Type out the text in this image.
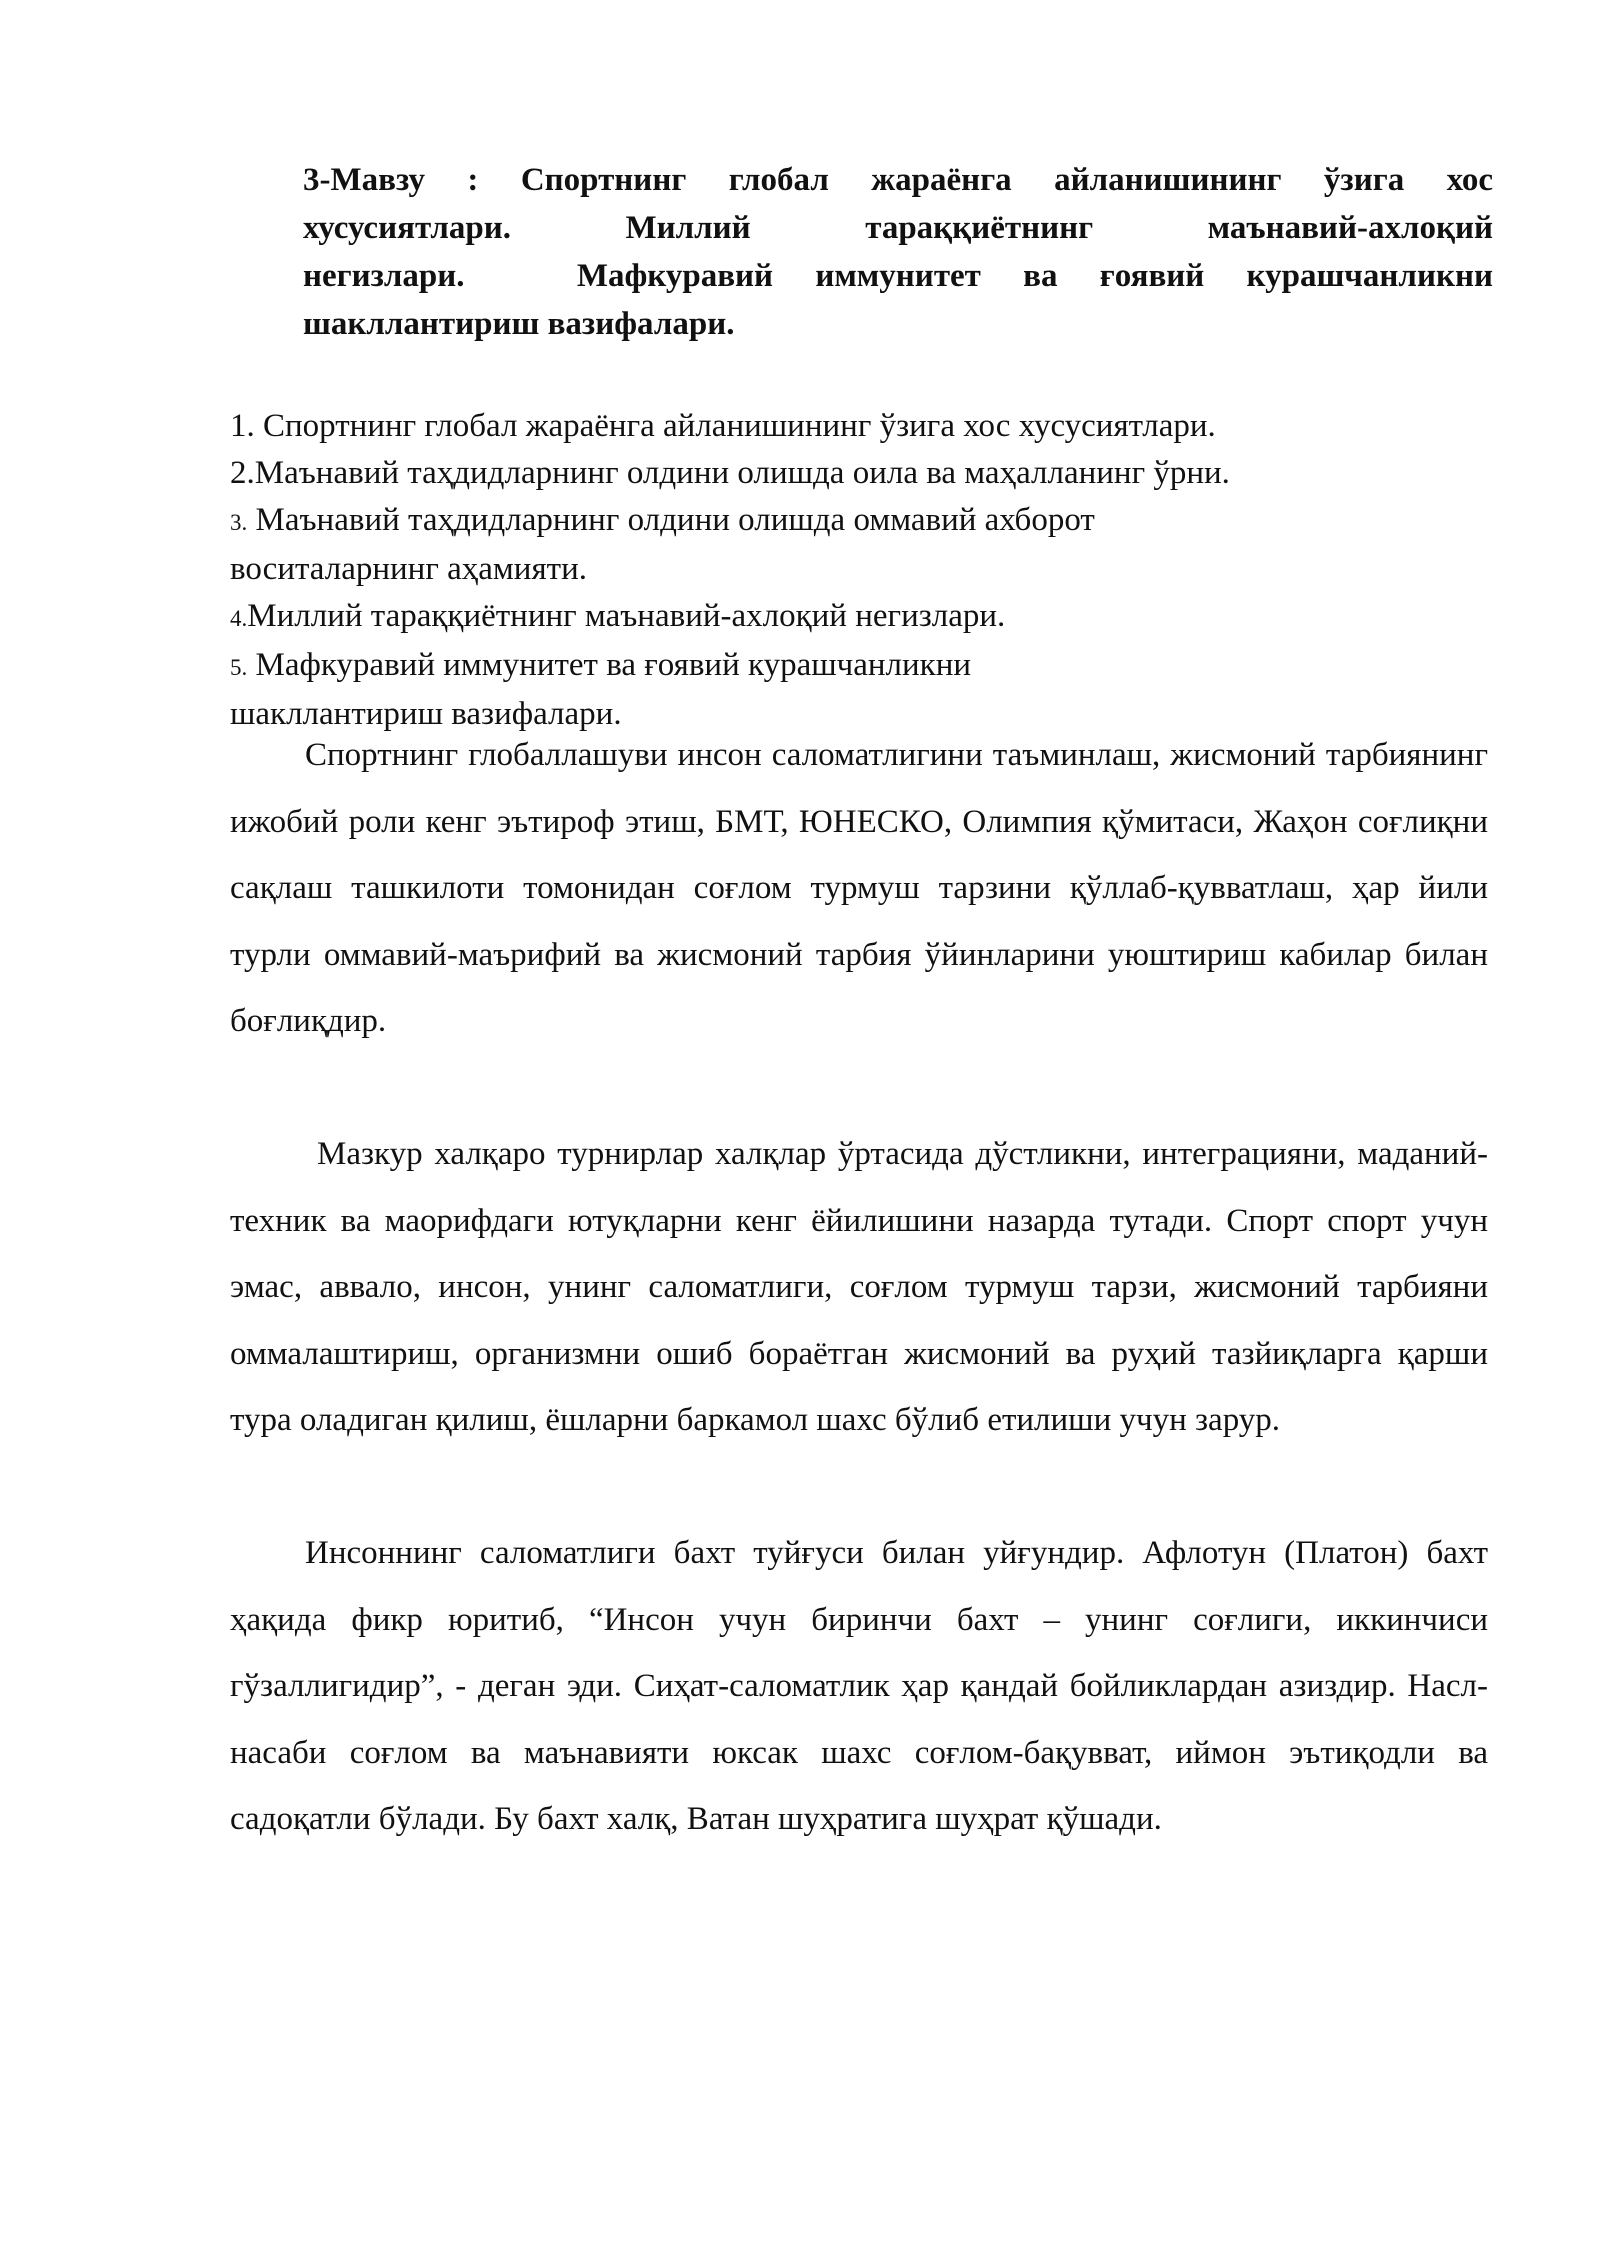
3-Мавзу : Спортнинг глобал жараёнга айланишининг ўзига хос
хусусиятлари.	Миллий тараққиётнинг маънавий-ахлоқий
негизлари.	Мафкуравий иммунитет ва ғоявий курашчанликни
шакллантириш вазифалари.
1. Спортнинг глобал жараёнга айланишининг ўзига хос хусусиятлари.
2.Маънавий таҳдидларнинг олдини олишда оила ва маҳалланинг ўрни.
3. Маънавий таҳдидларнинг олдини олишда оммавий ахборот
воситаларнинг аҳамияти.
4.Миллий тараққиётнинг маънавий-ахлоқий негизлари.
5. Мафкуравий иммунитет ва ғоявий курашчанликни
шакллантириш вазифалари.

Спортнинг глобаллашуви инсон саломатлигини таъминлаш, жисмоний тарбиянинг ижобий роли кенг эътироф этиш, БМТ, ЮНЕСКО, Олимпия қўмитаси, Жаҳон соғлиқни сақлаш ташкилоти томонидан соғлом турмуш тарзини қўллаб-қувватлаш, ҳар йили турли оммавий-маърифий ва жисмоний тарбия ўйинларини уюштириш кабилар билан боғлиқдир.

Мазкур халқаро турнирлар халқлар ўртасида дўстликни, интеграцияни, маданий-техник ва маорифдаги ютуқларни кенг ёйилишини назарда тутади. Спорт спорт учун эмас, аввало, инсон, унинг саломатлиги, соғлом турмуш тарзи, жисмоний тарбияни оммалаштириш, организмни ошиб бораётган жисмоний ва руҳий тазйиқларга қарши тура оладиган қилиш, ёшларни баркамол шахс бўлиб етилиши учун зарур.

Инсоннинг саломатлиги бахт туйғуси билан уйғундир. Афлотун (Платон) бахт ҳақида фикр юритиб, “Инсон учун биринчи бахт – унинг соғлиги, иккинчиси гўзаллигидир”, - деган эди. Сиҳат-саломатлик ҳар қандай бойликлардан азиздир. Насл-насаби соғлом ва маънавияти юксак шахс соғлом-бақувват, иймон эътиқодли ва садоқатли бўлади. Бу бахт халқ, Ватан шуҳратига шуҳрат қўшади.
